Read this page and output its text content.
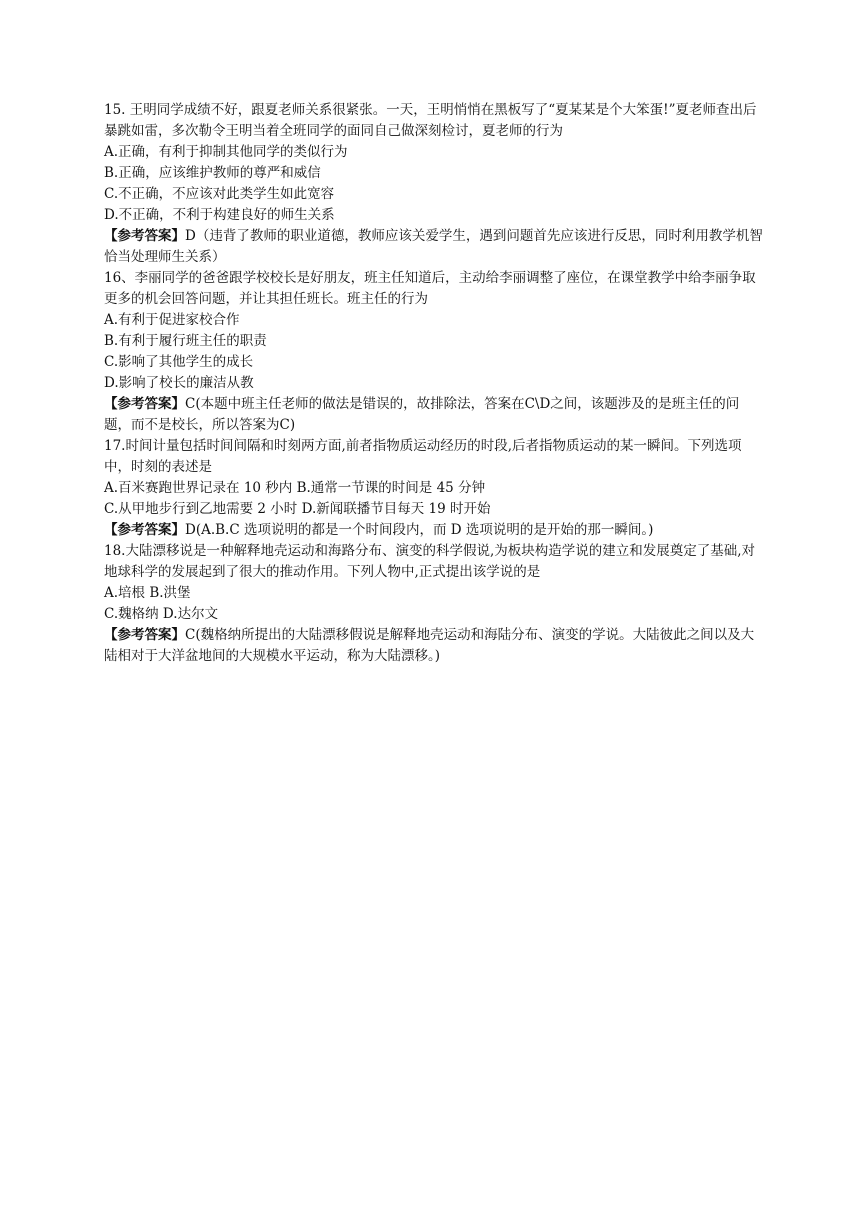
15. 王明同学成绩不好，跟夏老师关系很紧张。一天，王明悄悄在黑板写了“夏某某是个大笨蛋!”夏老师查出后暴跳如雷，多次勒令王明当着全班同学的面同自己做深刻检讨，夏老师的行为

A.正确，有利于抑制其他同学的类似行为

B.正确，应该维护教师的尊严和威信

C.不正确，不应该对此类学生如此宽容

D.不正确，不利于构建良好的师生关系

【参考答案】D（违背了教师的职业道德，教师应该关爱学生，遇到问题首先应该进行反思，同时利用教学机智恰当处理师生关系）

16、李丽同学的爸爸跟学校校长是好朋友，班主任知道后，主动给李丽调整了座位，在课堂教学中给李丽争取更多的机会回答问题，并让其担任班长。班主任的行为

A.有利于促进家校合作

B.有利于履行班主任的职责

C.影响了其他学生的成长

D.影响了校长的廉洁从教

【参考答案】C(本题中班主任老师的做法是错误的，故排除法，答案在C\D之间，该题涉及的是班主任的问题，而不是校长，所以答案为C)

17.时间计量包括时间间隔和时刻两方面,前者指物质运动经历的时段,后者指物质运动的某一瞬间。下列选项中，时刻的表述是

A.百米赛跑世界记录在 10 秒内 B.通常一节课的时间是 45 分钟

C.从甲地步行到乙地需要 2 小时 D.新闻联播节目每天 19 时开始

【参考答案】D(A.B.C 选项说明的都是一个时间段内，而 D 选项说明的是开始的那一瞬间。)

18.大陆漂移说是一种解释地壳运动和海路分布、演变的科学假说,为板块构造学说的建立和发展奠定了基础,对地球科学的发展起到了很大的推动作用。下列人物中,正式提出该学说的是

A.培根 B.洪堡

C.魏格纳 D.达尔文

【参考答案】C(魏格纳所提出的大陆漂移假说是解释地壳运动和海陆分布、演变的学说。大陆彼此之间以及大陆相对于大洋盆地间的大规模水平运动，称为大陆漂移。)
